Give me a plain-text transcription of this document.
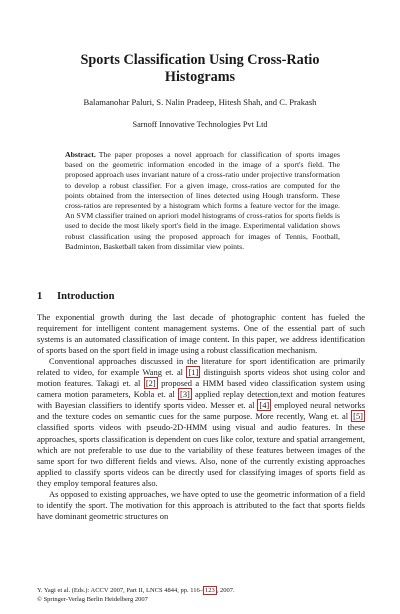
Sports Classification Using Cross-Ratio
Histograms
Balamanohar Paluri, S. Nalin Pradeep, Hitesh Shah, and C. Prakash
Sarnoff Innovative Technologies Pvt Ltd
Abstract. The paper proposes a novel approach for classification of sports images based on the geometric information encoded in the image of a sport's field. The proposed approach uses invariant nature of a cross-ratio under projective transformation to develop a robust classifier. For a given image, cross-ratios are computed for the points obtained from the intersection of lines detected using Hough transform. These cross-ratios are represented by a histogram which forms a feature vector for the image. An SVM classifier trained on apriori model histograms of cross-ratios for sports fields is used to decide the most likely sport's field in the image. Experimental validation shows robust classification using the proposed approach for images of Tennis, Football, Badminton, Basketball taken from dissimilar view points.
1 Introduction

The exponential growth during the last decade of photographic content has fueled the requirement for intelligent content management systems. One of the essential part of such systems is an automated classification of image content. In this paper, we address identification of sports based on the sport field in image using a robust classification mechanism.

Conventional approaches discussed in the literature for sport identification are primarily related to video, for example Wang et. al [1] distinguish sports videos shot using color and motion features. Takagi et. al [2] proposed a HMM based video classification system using camera motion parameters, Kobla et. al [3] applied replay detection,text and motion features with Bayesian classifiers to identify sports video. Messer et. al [4] employed neural networks and the texture codes on semantic cues for the same purpose. More recently, Wang et. al [5] classified sports videos with pseudo-2D-HMM using visual and audio features. In these approaches, sports classification is dependent on cues like color, texture and spatial arrangement, which are not preferable to use due to the variability of these features between images of the same sport for two different fields and views. Also, none of the currently existing approaches applied to classify sports videos can be directly used for classifying images of sports field as they employ temporal features also.

As opposed to existing approaches, we have opted to use the geometric information of a field to identify the sport. The motivation for this approach is attributed to the fact that sports fields have dominant geometric structures on

Y. Yagi et al. (Eds.): ACCV 2007, Part II, LNCS 4844, pp. 116– 123 , 2007.
© Springer-Verlag Berlin Heidelberg 2007
